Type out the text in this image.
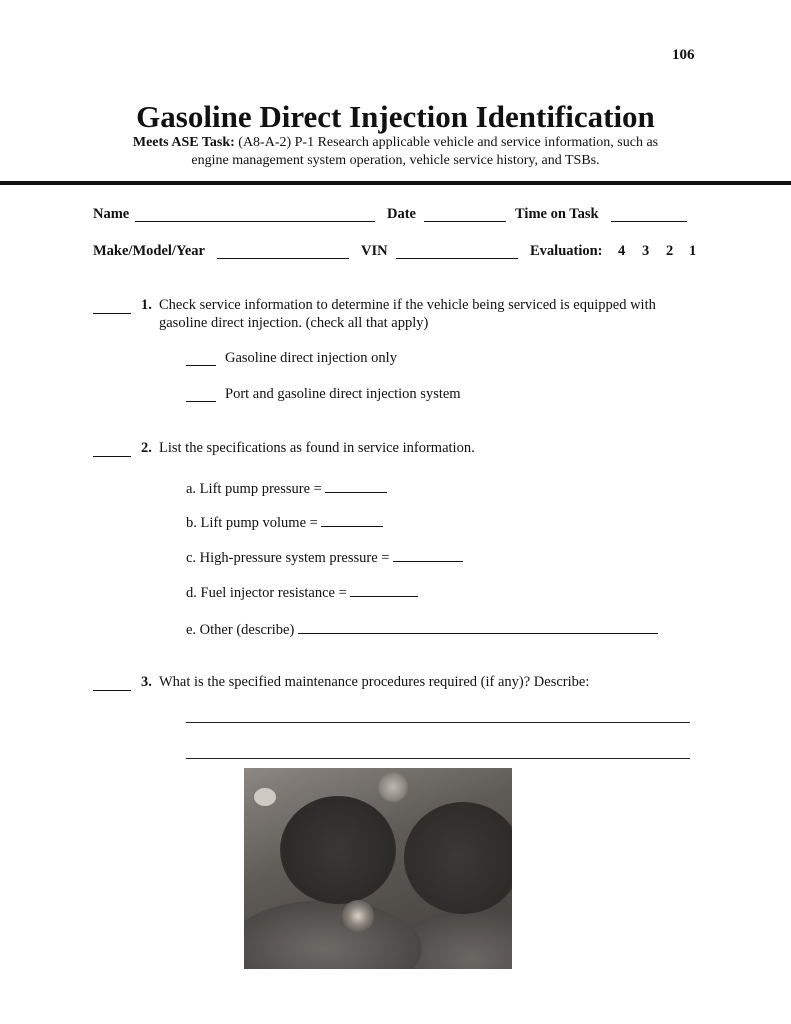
106
Gasoline Direct Injection Identification
Meets ASE Task: (A8-A-2) P-1 Research applicable vehicle and service information, such as
engine management system operation, vehicle service history, and TSBs.
Name	Date	Time on Task
Make/Model/Year	VIN	Evaluation: 4 3 2 1
1. Check service information to determine if the vehicle being serviced is equipped with
gasoline direct injection. (check all that apply)
Gasoline direct injection only
Port and gasoline direct injection system
2. List the specifications as found in service information.
a. Lift pump pressure =
b. Lift pump volume =
c. High-pressure system pressure =
d. Fuel injector resistance =
e. Other (describe)
3. What is the specified maintenance procedures required (if any)? Describe:
